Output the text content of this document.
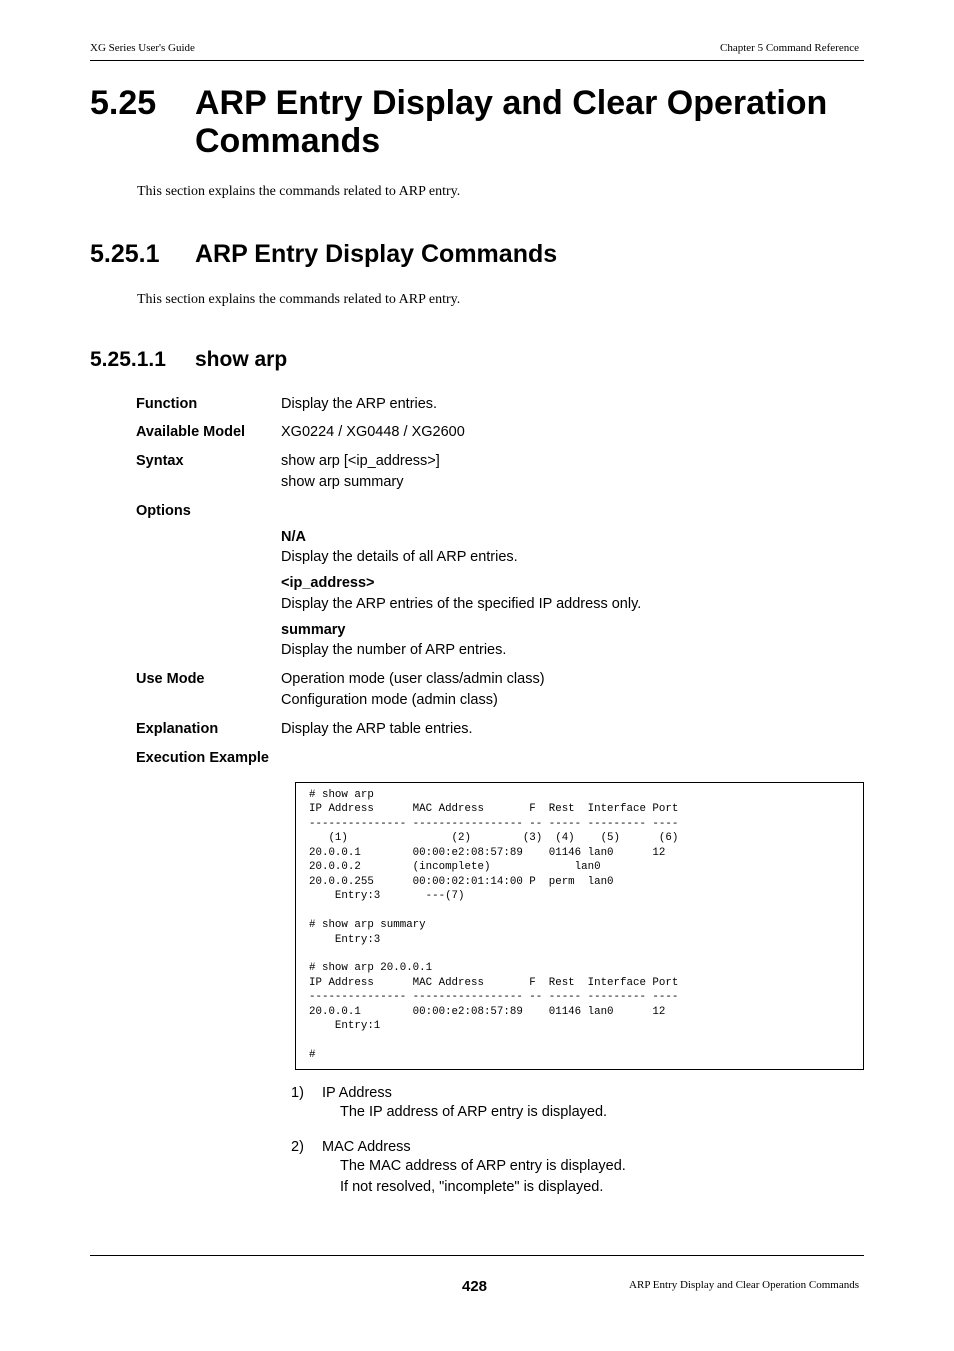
XG Series User's Guide	Chapter 5 Command Reference
5.25	ARP Entry Display and Clear Operation Commands
This section explains the commands related to ARP entry.
5.25.1 ARP Entry Display Commands
This section explains the commands related to ARP entry.
5.25.1.1 show arp
Function	Display the ARP entries.
Available Model XG0224 / XG0448 / XG2600
Syntax	show arp [<ip_address>]
show arp summary
Options
N/A
Display the details of all ARP entries.
<ip_address>
Display the ARP entries of the specified IP address only.
summary
Display the number of ARP entries.
Use Mode	Operation mode (user class/admin class)
Configuration mode (admin class)
Explanation	Display the ARP table entries.
Execution Example
# show arp
IP Address      MAC Address       F  Rest  Interface Port
--------------- ----------------- -- ----- --------- ----
(1)                (2)        (3)  (4)    (5)      (6)
20.0.0.1        00:00:e2:08:57:89    01146 lan0      12
20.0.0.2        (incomplete)             lan0
20.0.0.255      00:00:02:01:14:00 P  perm  lan0
Entry:3       ---(7)

# show arp summary
Entry:3

# show arp 20.0.0.1
IP Address      MAC Address       F  Rest  Interface Port
--------------- ----------------- -- ----- --------- ----
20.0.0.1        00:00:e2:08:57:89    01146 lan0      12
Entry:1

#
1) IP Address
The IP address of ARP entry is displayed.
2) MAC Address
The MAC address of ARP entry is displayed.
If not resolved, "incomplete" is displayed.
428	ARP Entry Display and Clear Operation Commands
